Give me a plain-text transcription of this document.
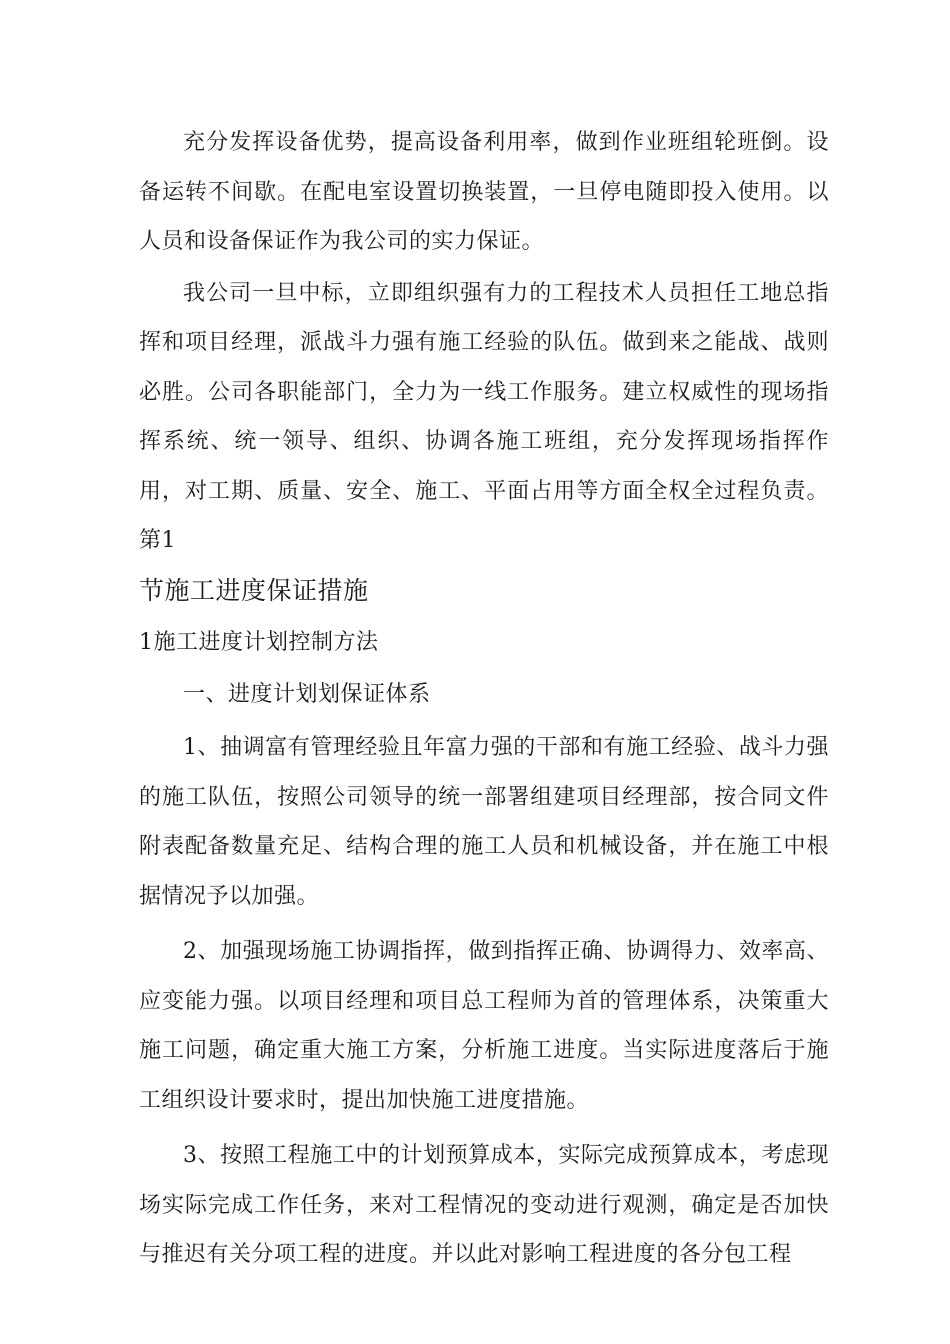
充分发挥设备优势，提高设备利用率，做到作业班组轮班倒。设备运转不间歇。在配电室设置切换装置，一旦停电随即投入使用。以人员和设备保证作为我公司的实力保证。

我公司一旦中标，立即组织强有力的工程技术人员担任工地总指挥和项目经理，派战斗力强有施工经验的队伍。做到来之能战、战则必胜。公司各职能部门，全力为一线工作服务。建立权威性的现场指挥系统、统一领导、组织、协调各施工班组，充分发挥现场指挥作用，对工期、质量、安全、施工、平面占用等方面全权全过程负责。第1

节施工进度保证措施

1施工进度计划控制方法

一、进度计划划保证体系

1、抽调富有管理经验且年富力强的干部和有施工经验、战斗力强的施工队伍，按照公司领导的统一部署组建项目经理部，按合同文件附表配备数量充足、结构合理的施工人员和机械设备，并在施工中根据情况予以加强。

2、加强现场施工协调指挥，做到指挥正确、协调得力、效率高、应变能力强。以项目经理和项目总工程师为首的管理体系，决策重大施工问题，确定重大施工方案，分析施工进度。当实际进度落后于施工组织设计要求时，提出加快施工进度措施。

3、按照工程施工中的计划预算成本，实际完成预算成本，考虑现场实际完成工作任务，来对工程情况的变动进行观测，确定是否加快与推迟有关分项工程的进度。并以此对影响工程进度的各分包工程
